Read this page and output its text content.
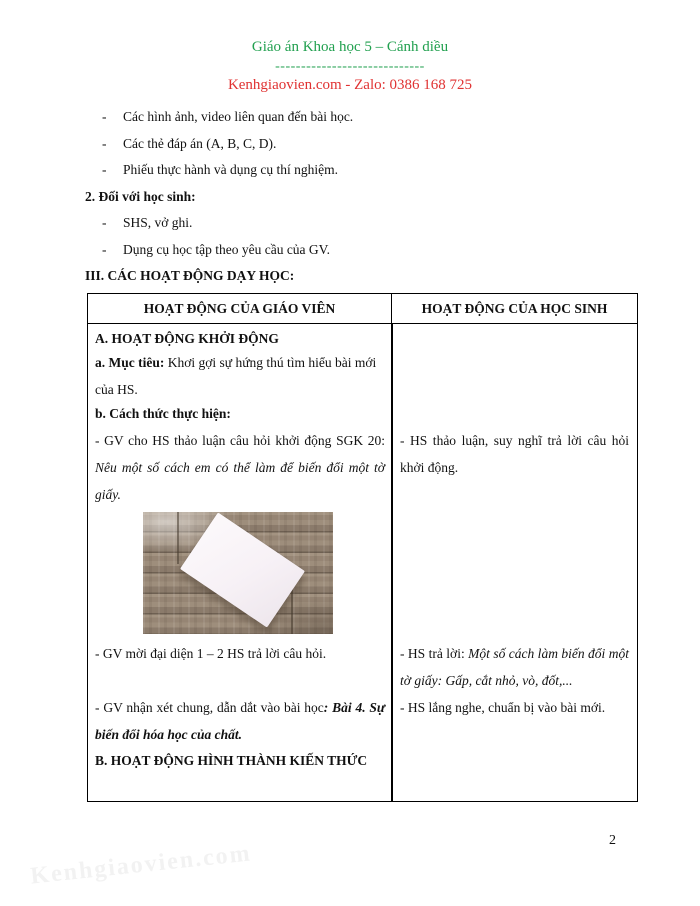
Giáo án Khoa học 5 – Cánh diều
-----------------------------
Kenhgiaovien.com - Zalo: 0386 168 725
- Các hình ảnh, video liên quan đến bài học.
- Các thẻ đáp án (A, B, C, D).
- Phiếu thực hành và dụng cụ thí nghiệm.
2. Đối với học sinh:
- SHS, vở ghi.
- Dụng cụ học tập theo yêu cầu của GV.
III. CÁC HOẠT ĐỘNG DẠY HỌC:
HOẠT ĐỘNG CỦA GIÁO VIÊN	HOẠT ĐỘNG CỦA HỌC SINH
A. HOẠT ĐỘNG KHỞI ĐỘNG
a. Mục tiêu: Khơi gợi sự hứng thú tìm hiểu bài mới của HS.
b. Cách thức thực hiện:
- GV cho HS thảo luận câu hỏi khởi động SGK 20: Nêu một số cách em có thể làm để biến đổi một tờ giấy.
- GV mời đại diện 1 – 2 HS trả lời câu hỏi.
- GV nhận xét chung, dẫn dắt vào bài học: Bài 4. Sự biến đổi hóa học của chất.
B. HOẠT ĐỘNG HÌNH THÀNH KIẾN THỨC
- HS thảo luận, suy nghĩ trả lời câu hỏi khởi động.
- HS trả lời: Một số cách làm biến đổi một tờ giấy: Gấp, cắt nhỏ, vò, đốt,...
- HS lắng nghe, chuẩn bị vào bài mới.
Kenhgiaovien.com	2
